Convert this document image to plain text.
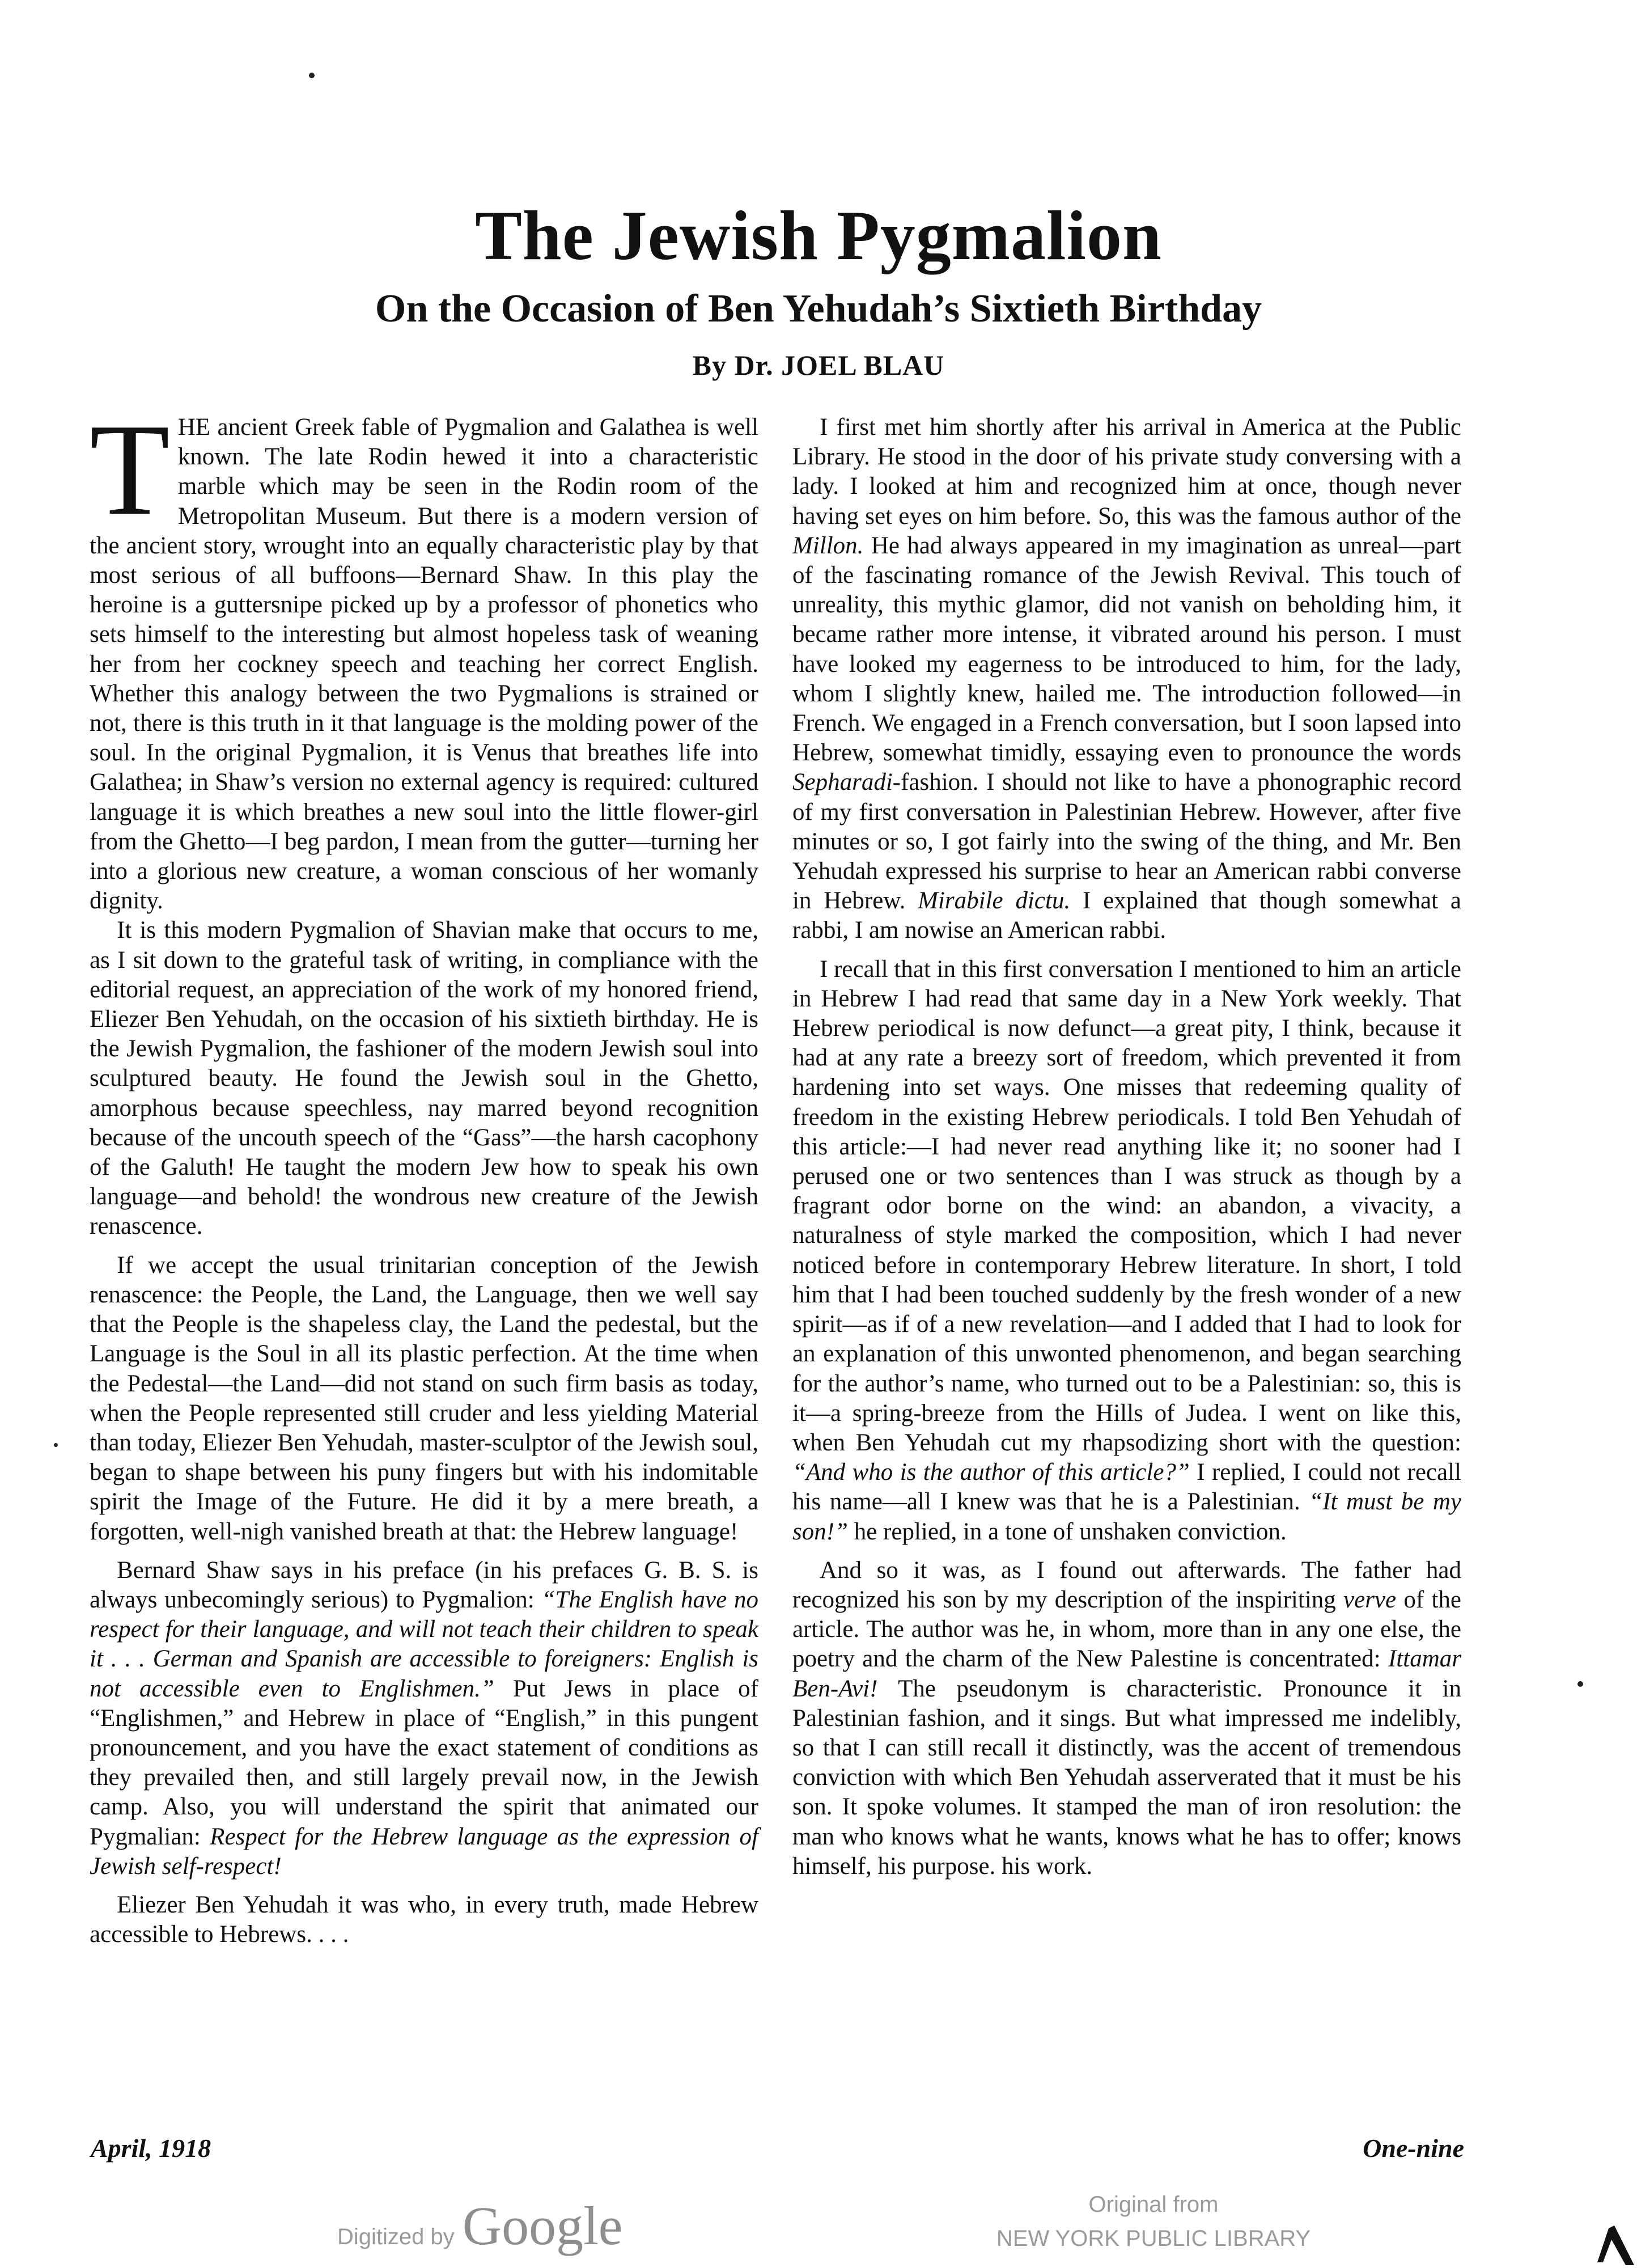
The Jewish Pygmalion
On the Occasion of Ben Yehudah’s Sixtieth Birthday
By Dr. JOEL BLAU

THE ancient Greek fable of Pygmalion and Galathea is well known. The late Rodin hewed it into a characteristic marble which may be seen in the Rodin room of the Metropolitan Museum. But there is a modern version of the ancient story, wrought into an equally characteristic play by that most serious of all buffoons—Bernard Shaw. In this play the heroine is a guttersnipe picked up by a professor of phonetics who sets himself to the interesting but almost hopeless task of weaning her from her cockney speech and teaching her correct English. Whether this analogy between the two Pygmalions is strained or not, there is this truth in it that language is the molding power of the soul. In the original Pygmalion, it is Venus that breathes life into Galathea; in Shaw’s version no external agency is required: cultured language it is which breathes a new soul into the little flower-girl from the Ghetto—I beg pardon, I mean from the gutter—turning her into a glorious new creature, a woman conscious of her womanly dignity.

It is this modern Pygmalion of Shavian make that occurs to me, as I sit down to the grateful task of writing, in compliance with the editorial request, an appreciation of the work of my honored friend, Eliezer Ben Yehudah, on the occasion of his sixtieth birthday. He is the Jewish Pygmalion, the fashioner of the modern Jewish soul into sculptured beauty. He found the Jewish soul in the Ghetto, amorphous because speechless, nay marred beyond recognition because of the uncouth speech of the “Gass”—the harsh cacophony of the Galuth! He taught the modern Jew how to speak his own language—and behold! the wondrous new creature of the Jewish renascence.

If we accept the usual trinitarian conception of the Jewish renascence: the People, the Land, the Language, then we well say that the People is the shapeless clay, the Land the pedestal, but the Language is the Soul in all its plastic perfection. At the time when the Pedestal—the Land—did not stand on such firm basis as today, when the People represented still cruder and less yielding Material than today, Eliezer Ben Yehudah, master-sculptor of the Jewish soul, began to shape between his puny fingers but with his indomitable spirit the Image of the Future. He did it by a mere breath, a forgotten, well-nigh vanished breath at that: the Hebrew language!

Bernard Shaw says in his preface (in his prefaces G. B. S. is always unbecomingly serious) to Pygmalion: “The English have no respect for their language, and will not teach their children to speak it . . . German and Spanish are accessible to foreigners: English is not accessible even to Englishmen.” Put Jews in place of “Englishmen,” and Hebrew in place of “English,” in this pungent pronouncement, and you have the exact statement of conditions as they prevailed then, and still largely prevail now, in the Jewish camp. Also, you will understand the spirit that animated our Pygmalian: Respect for the Hebrew language as the expression of Jewish self-respect!

Eliezer Ben Yehudah it was who, in every truth, made Hebrew accessible to Hebrews. . . .

I first met him shortly after his arrival in America at the Public Library. He stood in the door of his private study conversing with a lady. I looked at him and recognized him at once, though never having set eyes on him before. So, this was the famous author of the Millon. He had always appeared in my imagination as unreal—part of the fascinating romance of the Jewish Revival. This touch of unreality, this mythic glamor, did not vanish on beholding him, it became rather more intense, it vibrated around his person. I must have looked my eagerness to be introduced to him, for the lady, whom I slightly knew, hailed me. The introduction followed—in French. We engaged in a French conversation, but I soon lapsed into Hebrew, somewhat timidly, essaying even to pronounce the words Sepharadi-fashion. I should not like to have a phonographic record of my first conversation in Palestinian Hebrew. However, after five minutes or so, I got fairly into the swing of the thing, and Mr. Ben Yehudah expressed his surprise to hear an American rabbi converse in Hebrew. Mirabile dictu. I explained that though somewhat a rabbi, I am nowise an American rabbi.

I recall that in this first conversation I mentioned to him an article in Hebrew I had read that same day in a New York weekly. That Hebrew periodical is now defunct—a great pity, I think, because it had at any rate a breezy sort of freedom, which prevented it from hardening into set ways. One misses that redeeming quality of freedom in the existing Hebrew periodicals. I told Ben Yehudah of this article:—I had never read anything like it; no sooner had I perused one or two sentences than I was struck as though by a fragrant odor borne on the wind: an abandon, a vivacity, a naturalness of style marked the composition, which I had never noticed before in contemporary Hebrew literature. In short, I told him that I had been touched suddenly by the fresh wonder of a new spirit—as if of a new revelation—and I added that I had to look for an explanation of this unwonted phenomenon, and began searching for the author’s name, who turned out to be a Palestinian: so, this is it—a spring-breeze from the Hills of Judea. I went on like this, when Ben Yehudah cut my rhapsodizing short with the question: “And who is the author of this article?” I replied, I could not recall his name—all I knew was that he is a Palestinian. “It must be my son!” he replied, in a tone of unshaken conviction.

And so it was, as I found out afterwards. The father had recognized his son by my description of the inspiriting verve of the article. The author was he, in whom, more than in any one else, the poetry and the charm of the New Palestine is concentrated: Ittamar Ben-Avi! The pseudonym is characteristic. Pronounce it in Palestinian fashion, and it sings. But what impressed me indelibly, so that I can still recall it distinctly, was the accent of tremendous conviction with which Ben Yehudah asserverated that it must be his son. It spoke volumes. It stamped the man of iron resolution: the man who knows what he wants, knows what he has to offer; knows himself, his purpose. his work.

April, 1918	One-nine
Digitized by Google	Original from
NEW YORK PUBLIC LIBRARY
